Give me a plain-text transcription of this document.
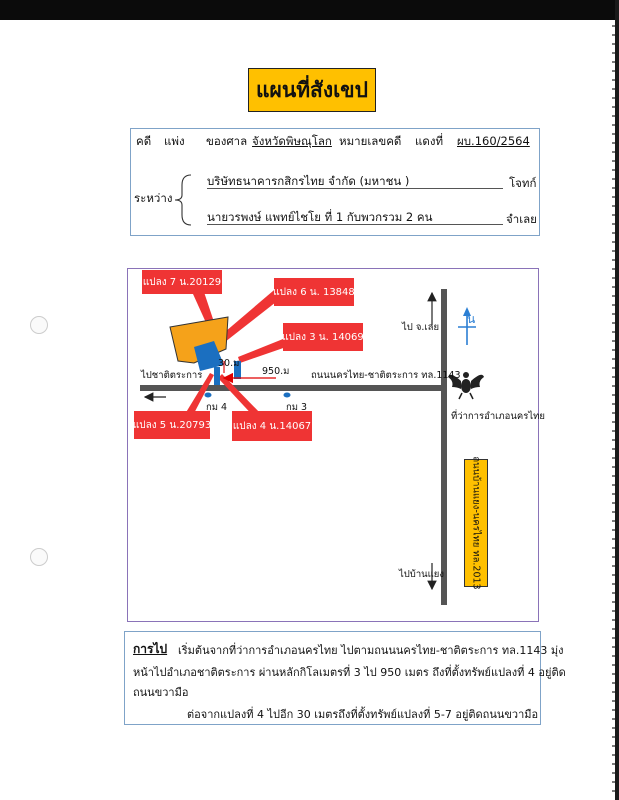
แผนที่สังเขป
คดี แพ่ง ของศาล จังหวัดพิษณุโลก หมายเลขคดี แดงที่ ผบ.160/2564
ระหว่าง
บริษัทธนาคารกสิกรไทย จำกัด (มหาชน )	โจทก์
นายวรพงษ์ แพทย์ไชโย ที่ 1 กับพวกรวม 2 คน	จำเลย
แปลง 7 น.20129
แปลง 6 น. 13848
แปลง 3 น. 14069
แปลง 5 น.20793 แปลง 4 น.14067
ไป จ.เลย
น
30.ม
950.ม
ไปชาติตระการ	ถนนนครไทย-ชาติตระการ ทล.1143
กม 4	กม 3
ที่ว่าการอำเภอนครไทย
ไปบ้านแยง	ถนนบ้านแยง-นครไทย ทล.2013
การไป เริ่มต้นจากที่ว่าการอำเภอนครไทย ไปตามถนนนครไทย-ชาติตระการ ทล.1143 มุ่ง
หน้าไปอำเภอชาติตระการ ผ่านหลักกิโลเมตรที่ 3 ไป 950 เมตร ถึงที่ตั้งทรัพย์แปลงที่ 4 อยู่ติด
ถนนขวามือ
ต่อจากแปลงที่ 4 ไปอีก 30 เมตรถึงที่ตั้งทรัพย์แปลงที่ 5-7 อยู่ติดถนนขวามือ
